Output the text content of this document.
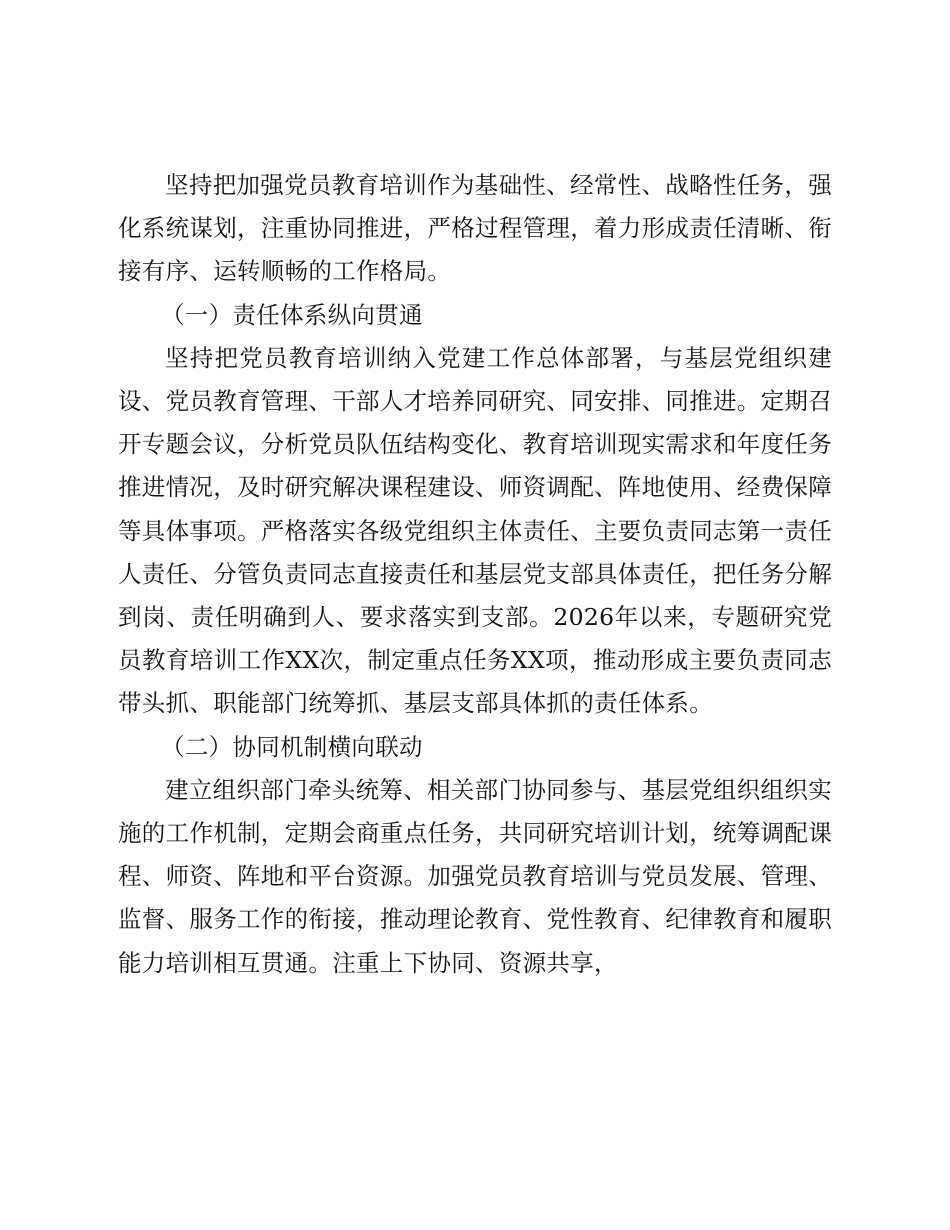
坚持把加强党员教育培训作为基础性、经常性、战略性任务，强化系统谋划，注重协同推进，严格过程管理，着力形成责任清晰、衔接有序、运转顺畅的工作格局。

（一）责任体系纵向贯通

坚持把党员教育培训纳入党建工作总体部署，与基层党组织建设、党员教育管理、干部人才培养同研究、同安排、同推进。定期召开专题会议，分析党员队伍结构变化、教育培训现实需求和年度任务推进情况，及时研究解决课程建设、师资调配、阵地使用、经费保障等具体事项。严格落实各级党组织主体责任、主要负责同志第一责任人责任、分管负责同志直接责任和基层党支部具体责任，把任务分解到岗、责任明确到人、要求落实到支部。2026年以来，专题研究党员教育培训工作XX次，制定重点任务XX项，推动形成主要负责同志带头抓、职能部门统筹抓、基层支部具体抓的责任体系。

（二）协同机制横向联动

建立组织部门牵头统筹、相关部门协同参与、基层党组织组织实施的工作机制，定期会商重点任务，共同研究培训计划，统筹调配课程、师资、阵地和平台资源。加强党员教育培训与党员发展、管理、监督、服务工作的衔接，推动理论教育、党性教育、纪律教育和履职能力培训相互贯通。注重上下协同、资源共享，
